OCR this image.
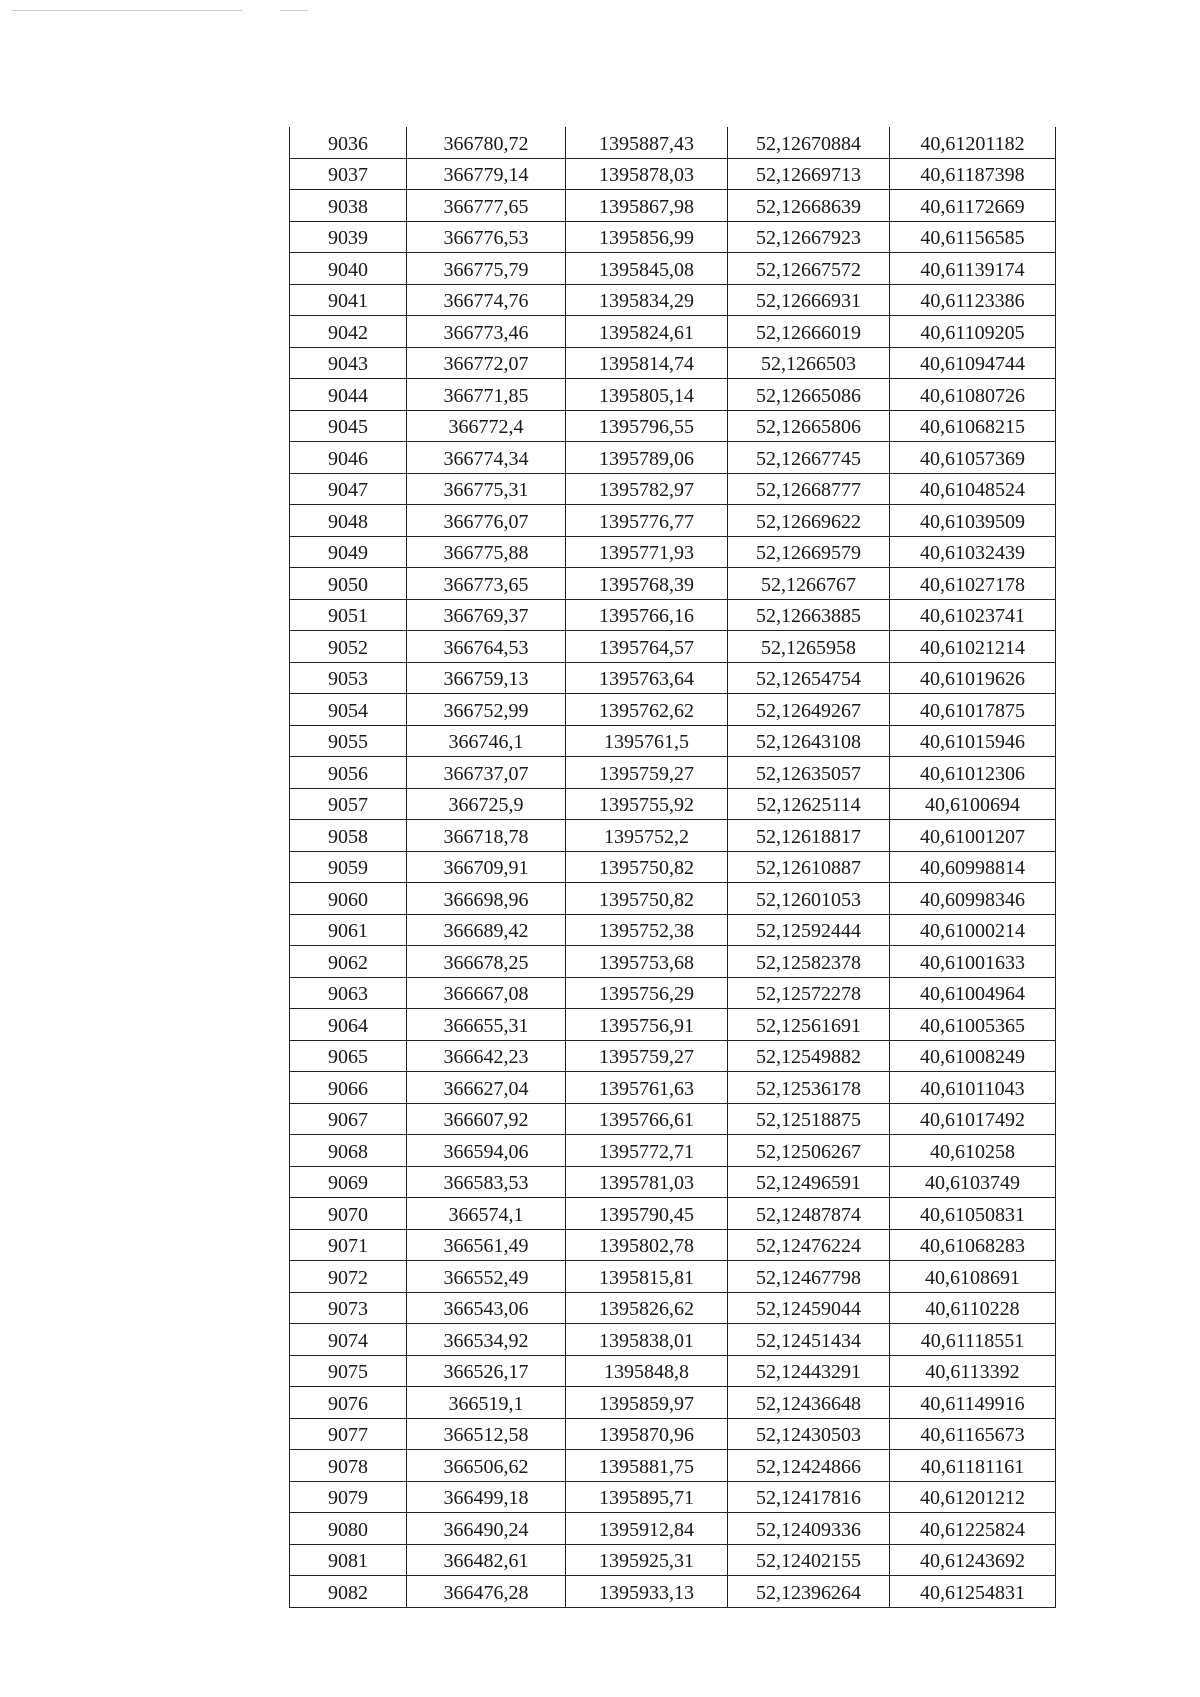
9036	366780,72	1395887,43	52,12670884	40,61201182
9037	366779,14	1395878,03	52,12669713	40,61187398
9038	366777,65	1395867,98	52,12668639	40,61172669
9039	366776,53	1395856,99	52,12667923	40,61156585
9040	366775,79	1395845,08	52,12667572	40,61139174
9041	366774,76	1395834,29	52,12666931	40,61123386
9042	366773,46	1395824,61	52,12666019	40,61109205
9043	366772,07	1395814,74	52,1266503	40,61094744
9044	366771,85	1395805,14	52,12665086	40,61080726
9045	366772,4	1395796,55	52,12665806	40,61068215
9046	366774,34	1395789,06	52,12667745	40,61057369
9047	366775,31	1395782,97	52,12668777	40,61048524
9048	366776,07	1395776,77	52,12669622	40,61039509
9049	366775,88	1395771,93	52,12669579	40,61032439
9050	366773,65	1395768,39	52,1266767	40,61027178
9051	366769,37	1395766,16	52,12663885	40,61023741
9052	366764,53	1395764,57	52,1265958	40,61021214
9053	366759,13	1395763,64	52,12654754	40,61019626
9054	366752,99	1395762,62	52,12649267	40,61017875
9055	366746,1	1395761,5	52,12643108	40,61015946
9056	366737,07	1395759,27	52,12635057	40,61012306
9057	366725,9	1395755,92	52,12625114	40,6100694
9058	366718,78	1395752,2	52,12618817	40,61001207
9059	366709,91	1395750,82	52,12610887	40,60998814
9060	366698,96	1395750,82	52,12601053	40,60998346
9061	366689,42	1395752,38	52,12592444	40,61000214
9062	366678,25	1395753,68	52,12582378	40,61001633
9063	366667,08	1395756,29	52,12572278	40,61004964
9064	366655,31	1395756,91	52,12561691	40,61005365
9065	366642,23	1395759,27	52,12549882	40,61008249
9066	366627,04	1395761,63	52,12536178	40,61011043
9067	366607,92	1395766,61	52,12518875	40,61017492
9068	366594,06	1395772,71	52,12506267	40,610258
9069	366583,53	1395781,03	52,12496591	40,6103749
9070	366574,1	1395790,45	52,12487874	40,61050831
9071	366561,49	1395802,78	52,12476224	40,61068283
9072	366552,49	1395815,81	52,12467798	40,6108691
9073	366543,06	1395826,62	52,12459044	40,6110228
9074	366534,92	1395838,01	52,12451434	40,61118551
9075	366526,17	1395848,8	52,12443291	40,6113392
9076	366519,1	1395859,97	52,12436648	40,61149916
9077	366512,58	1395870,96	52,12430503	40,61165673
9078	366506,62	1395881,75	52,12424866	40,61181161
9079	366499,18	1395895,71	52,12417816	40,61201212
9080	366490,24	1395912,84	52,12409336	40,61225824
9081	366482,61	1395925,31	52,12402155	40,61243692
9082	366476,28	1395933,13	52,12396264	40,61254831
